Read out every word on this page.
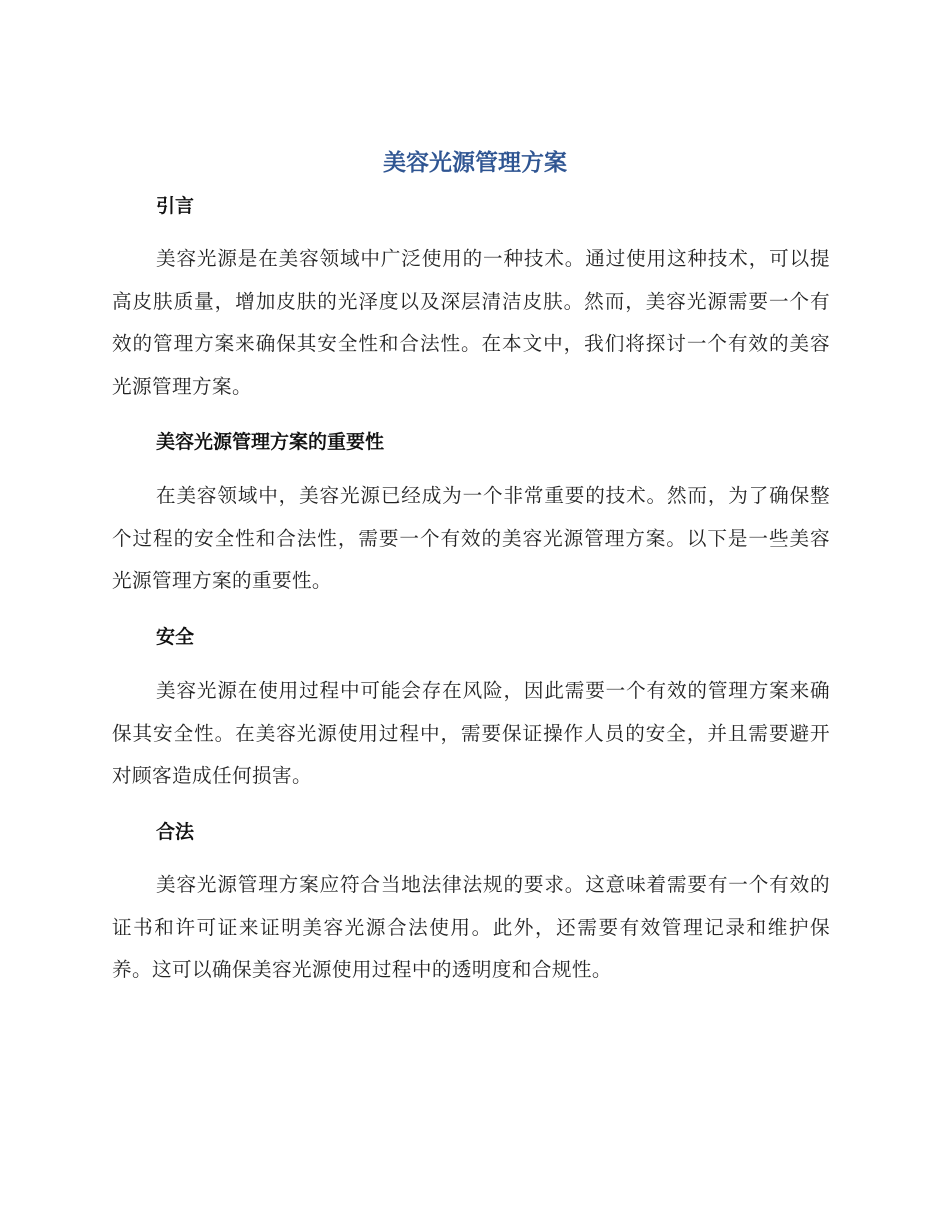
美容光源管理方案
引言

美容光源是在美容领域中广泛使用的一种技术。通过使用这种技术，可以提高皮肤质量，增加皮肤的光泽度以及深层清洁皮肤。然而，美容光源需要一个有效的管理方案来确保其安全性和合法性。在本文中，我们将探讨一个有效的美容光源管理方案。

美容光源管理方案的重要性

在美容领域中，美容光源已经成为一个非常重要的技术。然而，为了确保整个过程的安全性和合法性，需要一个有效的美容光源管理方案。以下是一些美容光源管理方案的重要性。

安全

美容光源在使用过程中可能会存在风险，因此需要一个有效的管理方案来确保其安全性。在美容光源使用过程中，需要保证操作人员的安全，并且需要避开对顾客造成任何损害。

合法

美容光源管理方案应符合当地法律法规的要求。这意味着需要有一个有效的证书和许可证来证明美容光源合法使用。此外，还需要有效管理记录和维护保养。这可以确保美容光源使用过程中的透明度和合规性。
